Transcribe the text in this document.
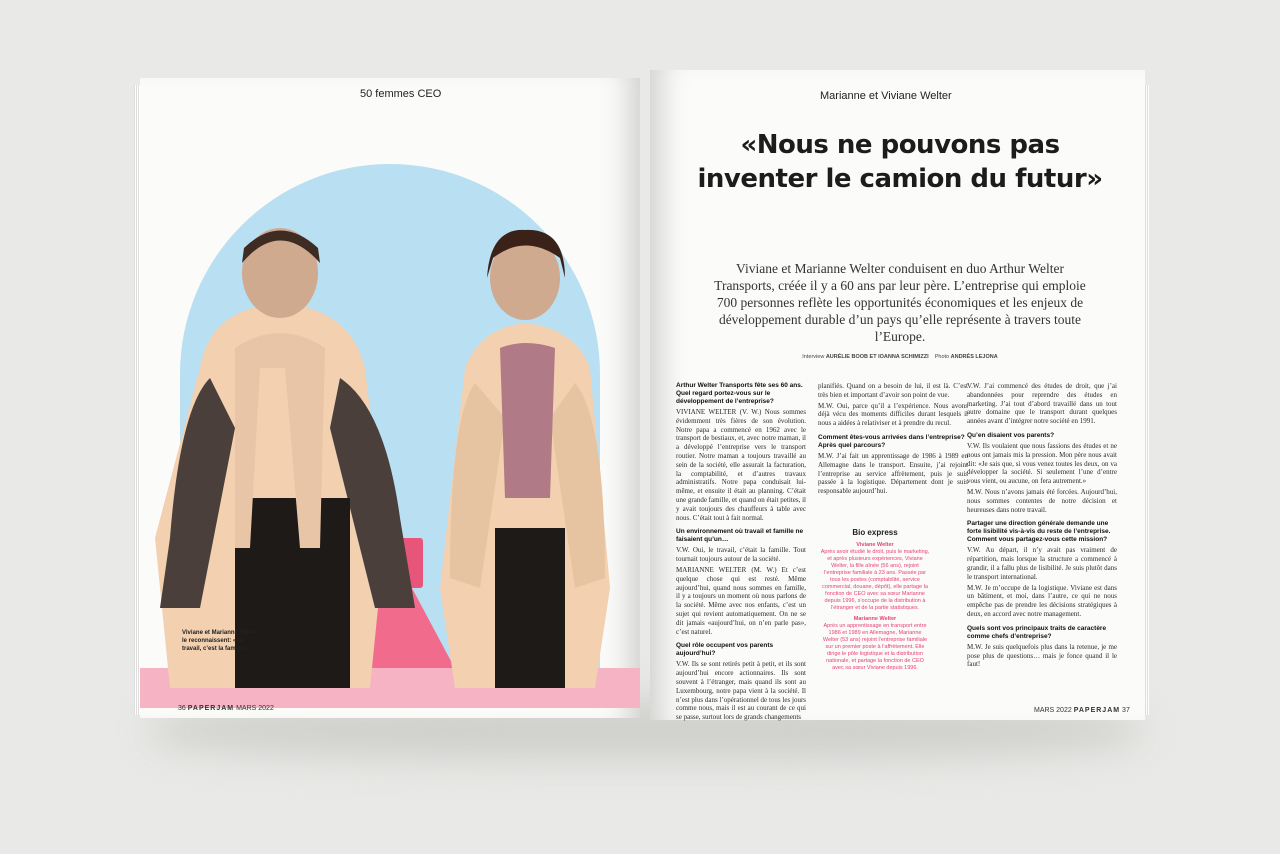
50 femmes CEO
Viviane et Marianne Welter le reconnaissent: «Le travail, c’est la famille.»
36 PAPERJAM MARS 2022
Marianne et Viviane Welter
«Nous ne pouvons pas inventer le camion du futur»
Viviane et Marianne Welter conduisent en duo Arthur Welter Transports, créée il y a 60 ans par leur père. L’entreprise qui emploie 700 personnes reflète les opportunités économiques et les enjeux de développement durable d’un pays qu’elle représente à travers toute l’Europe.
Interview AURÉLIE BOOB ET IOANNA SCHIMIZZI Photo ANDRÉS LEJONA

planifiés. Quand on a besoin de lui, il est là. C’est très bien et important d’avoir son point de vue.

M.W. Oui, parce qu’il a l’expérience. Nous avons déjà vécu des moments difficiles durant lesquels il nous a aidées à relativiser et à prendre du recul.

Comment êtes-vous arrivées dans l’entreprise? Après quel parcours?

M.W. J’ai fait un apprentissage de 1986 à 1989 en Allemagne dans le transport. Ensuite, j’ai rejoint l’entreprise au service affrètement, puis je suis passée à la logistique. Département dont je suis responsable aujourd’hui.

Bio express
Viviane Welter
Après avoir étudié le droit, puis le marketing, et après plusieurs expériences, Viviane Welter, la fille aînée (56 ans), rejoint l’entreprise familiale à 23 ans. Passée par tous les postes (comptabilité, service commercial, douane, dépôt), elle partage la fonction de CEO avec sa sœur Marianne depuis 1996, s’occupe de la distribution à l’étranger et de la partie statistiques.
Marianne Welter
Après un apprentissage en transport entre 1986 et 1989 en Allemagne, Marianne Welter (53 ans) rejoint l’entreprise familiale sur un premier poste à l’affrètement. Elle dirige le pôle logistique et la distribution nationale, et partage la fonction de CEO avec sa sœur Viviane depuis 1996.

V.W. J’ai commencé des études de droit, que j’ai abandonnées pour reprendre des études en marketing. J’ai tout d’abord travaillé dans un tout autre domaine que le transport durant quelques années avant d’intégrer notre société en 1991.

Qu’en disaient vos parents?

V.W. Ils voulaient que nous fassions des études et ne nous ont jamais mis la pression. Mon père nous avait dit: «Je sais que, si vous venez toutes les deux, on va développer la société. Si seulement l’une d’entre vous vient, ou aucune, on fera autrement.»

M.W. Nous n’avons jamais été forcées. Aujourd’hui, nous sommes contentes de notre décision et heureuses dans notre travail.

Partager une direction générale demande une forte lisibilité vis-à-vis du reste de l’entreprise. Comment vous partagez-vous cette mission?

V.W. Au départ, il n’y avait pas vraiment de répartition, mais lorsque la structure a commencé à grandir, il a fallu plus de lisibilité. Je suis plutôt dans le transport international.

M.W. Je m’occupe de la logistique. Viviane est dans un bâtiment, et moi, dans l’autre, ce qui ne nous empêche pas de prendre les décisions stratégiques à deux, en accord avec notre management.

Quels sont vos principaux traits de caractère comme chefs d’entreprise?

M.W. Je suis quelquefois plus dans la retenue, je me pose plus de questions… mais je fonce quand il le faut!

MARS 2022 PAPERJAM 37
Arthur Welter Transports fête ses 60 ans. Quel regard portez-vous sur le développement de l’entreprise?

VIVIANE WELTER (V. W.) Nous sommes évidemment très fières de son évolution. Notre papa a commencé en 1962 avec le transport de bestiaux, et, avec notre maman, il a développé l’entreprise vers le transport routier. Notre maman a toujours travaillé au sein de la société, elle assurait la facturation, la comptabilité, et d’autres travaux administratifs. Notre papa conduisait lui-même, et ensuite il était au planning. C’était une grande famille, et quand on était petites, il y avait toujours des chauffeurs à table avec nous. C’était tout à fait normal.

Un environnement où travail et famille ne faisaient qu’un…

V.W. Oui, le travail, c’était la famille. Tout tournait toujours autour de la société.

MARIANNE WELTER (M. W.) Et c’est quelque chose qui est resté. Même aujourd’hui, quand nous sommes en famille, il y a toujours un moment où nous parlons de la société. Même avec nos enfants, c’est un sujet qui revient automatiquement. On ne se dit jamais «aujourd’hui, on n’en parle pas», c’est naturel.

Quel rôle occupent vos parents aujourd’hui?

V.W. Ils se sont retirés petit à petit, et ils sont aujourd’hui encore actionnaires. Ils sont souvent à l’étranger, mais quand ils sont au Luxembourg, notre papa vient à la société. Il n’est plus dans l’opérationnel de tous les jours comme nous, mais il est au courant de ce qui se passe, surtout lors de grands changements
